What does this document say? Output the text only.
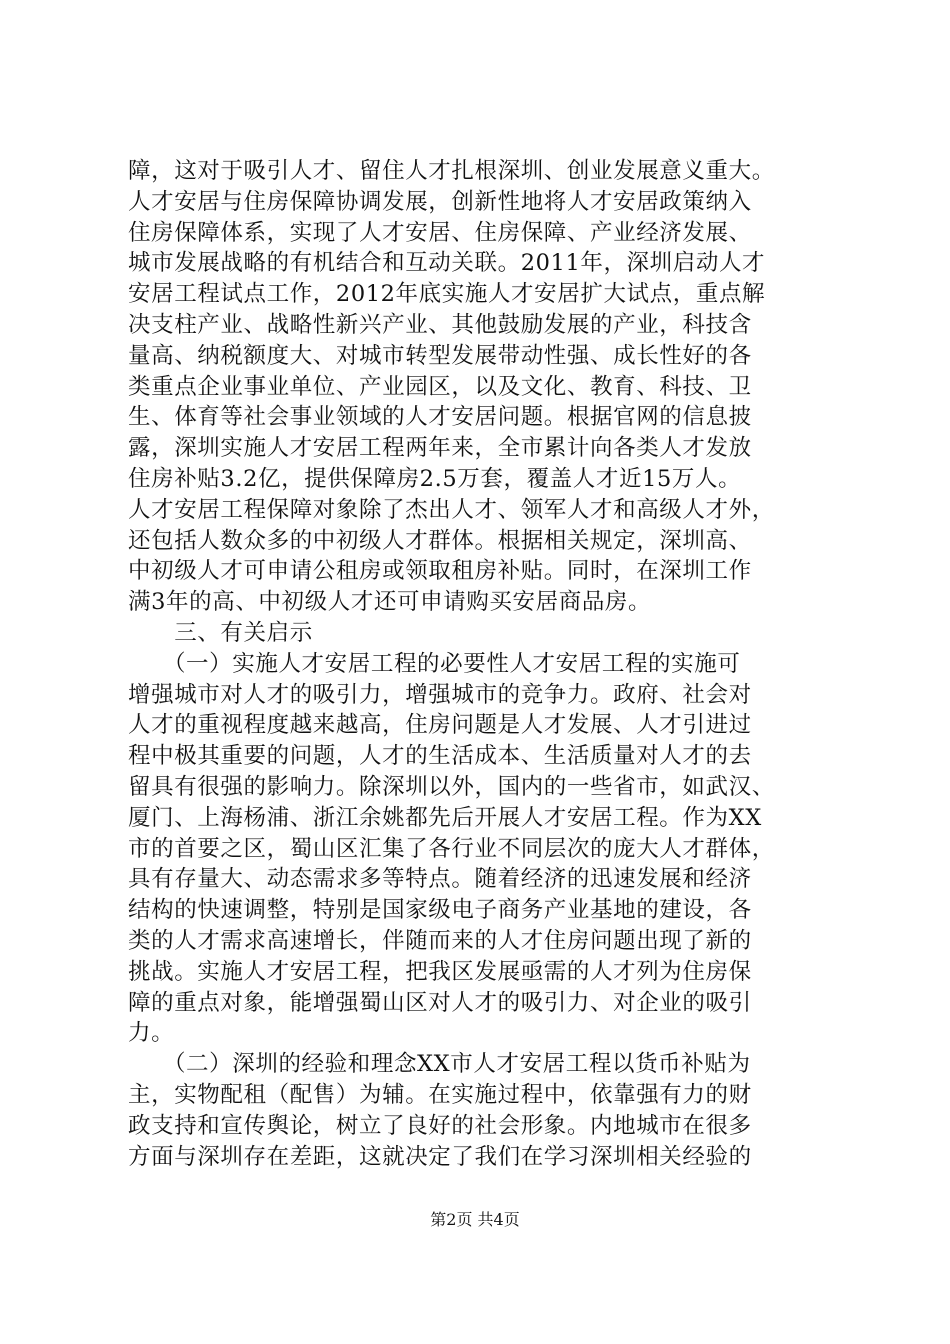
障，这对于吸引人才、留住人才扎根深圳、创业发展意义重大。
人才安居与住房保障协调发展，创新性地将人才安居政策纳入
住房保障体系，实现了人才安居、住房保障、产业经济发展、
城市发展战略的有机结合和互动关联。2011年，深圳启动人才
安居工程试点工作，2012年底实施人才安居扩大试点，重点解
决支柱产业、战略性新兴产业、其他鼓励发展的产业，科技含
量高、纳税额度大、对城市转型发展带动性强、成长性好的各
类重点企业事业单位、产业园区，以及文化、教育、科技、卫
生、体育等社会事业领域的人才安居问题。根据官网的信息披
露，深圳实施人才安居工程两年来，全市累计向各类人才发放
住房补贴3.2亿，提供保障房2.5万套，覆盖人才近15万人。
人才安居工程保障对象除了杰出人才、领军人才和高级人才外，
还包括人数众多的中初级人才群体。根据相关规定，深圳高、
中初级人才可申请公租房或领取租房补贴。同时，在深圳工作
满3年的高、中初级人才还可申请购买安居商品房。
　　三、有关启示
　　（一）实施人才安居工程的必要性人才安居工程的实施可
增强城市对人才的吸引力，增强城市的竞争力。政府、社会对
人才的重视程度越来越高，住房问题是人才发展、人才引进过
程中极其重要的问题，人才的生活成本、生活质量对人才的去
留具有很强的影响力。除深圳以外，国内的一些省市，如武汉、
厦门、上海杨浦、浙江余姚都先后开展人才安居工程。作为XX
市的首要之区，蜀山区汇集了各行业不同层次的庞大人才群体，
具有存量大、动态需求多等特点。随着经济的迅速发展和经济
结构的快速调整，特别是国家级电子商务产业基地的建设，各
类的人才需求高速增长，伴随而来的人才住房问题出现了新的
挑战。实施人才安居工程，把我区发展亟需的人才列为住房保
障的重点对象，能增强蜀山区对人才的吸引力、对企业的吸引
力。
　　（二）深圳的经验和理念XX市人才安居工程以货币补贴为
主，实物配租（配售）为辅。在实施过程中，依靠强有力的财
政支持和宣传舆论，树立了良好的社会形象。内地城市在很多
方面与深圳存在差距，这就决定了我们在学习深圳相关经验的
第2页 共4页
